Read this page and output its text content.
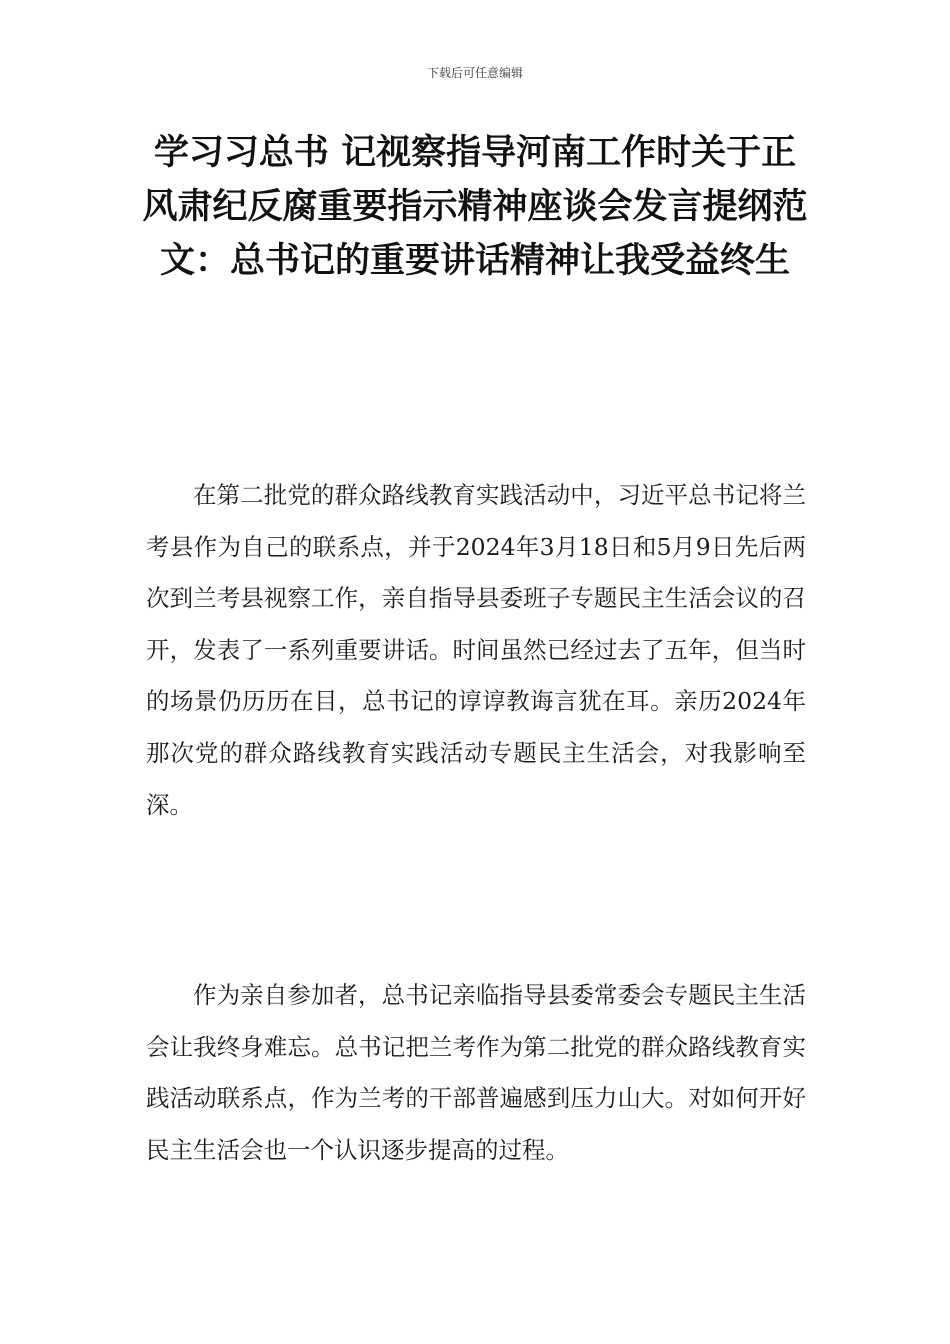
下载后可任意编辑
学习习总书 记视察指导河南工作时关于正风肃纪反腐重要指示精神座谈会发言提纲范文：总书记的重要讲话精神让我受益终生

在第二批党的群众路线教育实践活动中，习近平总书记将兰考县作为自己的联系点，并于2024年3月18日和5月9日先后两次到兰考县视察工作，亲自指导县委班子专题民主生活会议的召开，发表了一系列重要讲话。时间虽然已经过去了五年，但当时的场景仍历历在目，总书记的谆谆教诲言犹在耳。亲历2024年那次党的群众路线教育实践活动专题民主生活会，对我影响至深。

作为亲自参加者，总书记亲临指导县委常委会专题民主生活会让我终身难忘。总书记把兰考作为第二批党的群众路线教育实践活动联系点，作为兰考的干部普遍感到压力山大。对如何开好民主生活会也一个认识逐步提高的过程。
